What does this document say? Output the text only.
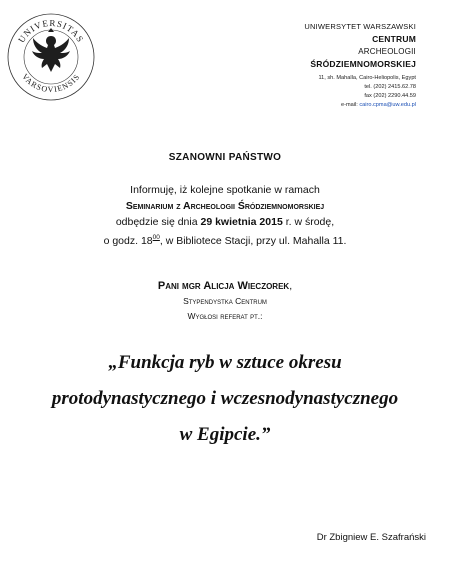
UNIVERSITAS
VARSOVIENSIS
UNIWERSYTET WARSZAWSKI
CENTRUM
ARCHEOLOGII
ŚRÓDZIEMNOMORSKIEJ
11, sh. Mahalla, Cairo-Heliopolis, Egypt
tel. (202) 2415.62.78
fax (202) 2290.44.59
e-mail: cairo.cpma@uw.edu.pl
SZANOWNI PAŃSTWO
Informuję, iż kolejne spotkanie w ramach
Seminarium z Archeologii Śródziemnomorskiej
odbędzie się dnia 29 kwietnia 2015 r. w środę,
o godz. $18^{00}$, w Bibliotece Stacji, przy ul. Mahalla 11.
Pani mgr Alicja Wieczorek,
Stypendystka Centrum
Wygłosi referat pt.:
„Funkcja ryb w sztuce okresu
protodynastycznego i wczesnodynastycznego
w Egipcie.”
Dr Zbigniew E. Szafrański
